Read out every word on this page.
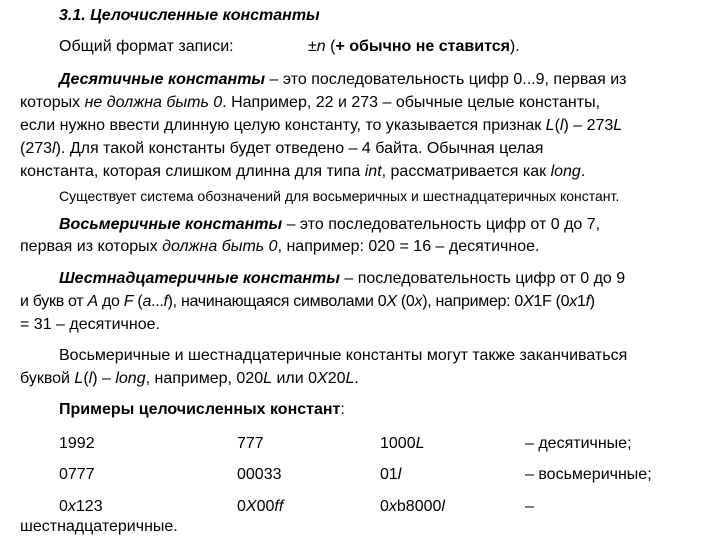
3.1. Целочисленные константы
Общий формат записи:	±n (+ обычно не ставится).
Десятичные константы – это последовательность цифр 0...9, первая из
которых не должна быть 0. Например, 22 и 273 – обычные целые константы,
если нужно ввести длинную целую константу, то указывается признак L(l) – 273L
(273l). Для такой константы будет отведено – 4 байта. Обычная целая
константа, которая слишком длинна для типа int, рассматривается как long.
Существует система обозначений для восьмеричных и шестнадцатеричных констант.
Восьмеричные константы – это последовательность цифр от 0 до 7,
первая из которых должна быть 0, например: 020 = 16 – десятичное.
Шестнадцатеричные константы – последовательность цифр от 0 до 9
и букв от A до F (a...f), начинающаяся символами 0X (0x), например: 0X1F (0x1f)
= 31 – десятичное.
Восьмеричные и шестнадцатеричные константы могут также заканчиваться
буквой L(l) – long, например, 020L или 0X20L.
Примеры целочисленных констант:
1992	777	1000L	– десятичные;
0777	00033	01l	– восьмеричные;
0x123	0X00ff	0xb8000l	–
шестнадцатеричные.
